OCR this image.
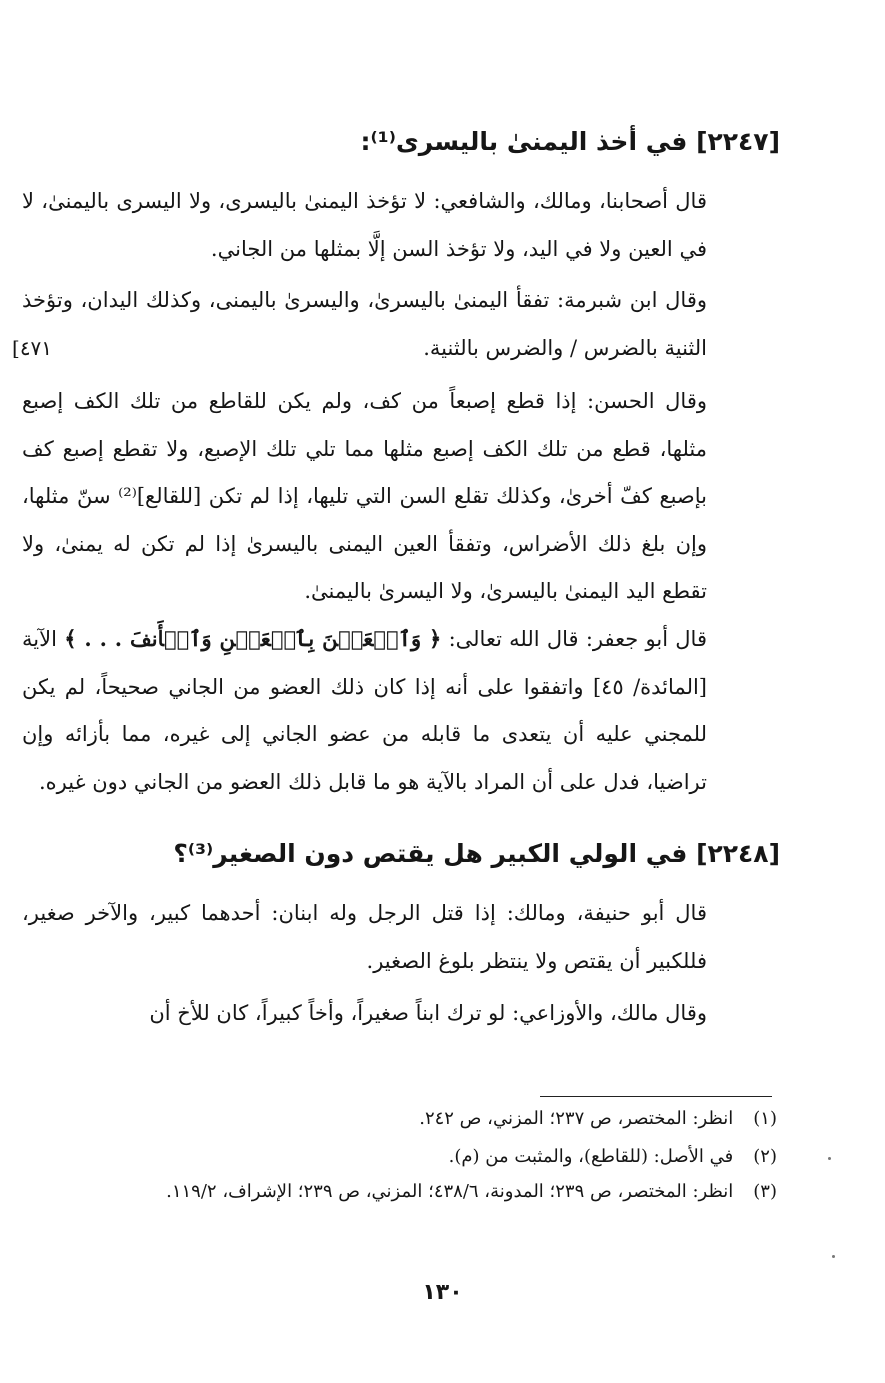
[٢٢٤٧] في أخذ اليمنىٰ باليسرى⁽¹⁾:
قال أصحابنا، ومالك، والشافعي: لا تؤخذ اليمنىٰ باليسرى، ولا اليسرى باليمنىٰ، لا في العين ولا في اليد، ولا تؤخذ السن إلَّا بمثلها من الجاني.
وقال ابن شبرمة: تفقأ اليمنىٰ باليسرىٰ، واليسرىٰ باليمنى، وكذلك اليدان، وتؤخذ الثنية بالضرس / والضرس بالثنية.
[٤٧١
وقال الحسن: إذا قطع إصبعاً من كف، ولم يكن للقاطع من تلك الكف إصبع مثلها، قطع من تلك الكف إصبع مثلها مما تلي تلك الإصبع، ولا تقطع إصبع كف بإصبع كفّ أخرىٰ، وكذلك تقلع السن التي تليها، إذا لم تكن [للقالع]⁽²⁾ سنّ مثلها، وإن بلغ ذلك الأضراس، وتفقأ العين اليمنى باليسرىٰ إذا لم تكن له يمنىٰ، ولا تقطع اليد اليمنىٰ باليسرىٰ، ولا اليسرىٰ باليمنىٰ.
قال أبو جعفر: قال الله تعالى: ﴿ وَٱلۡعَيۡنَ بِٱلۡعَيۡنِ وَٱلۡأَنفَ . . . ﴾ الآية [المائدة/ ٤٥] واتفقوا على أنه إذا كان ذلك العضو من الجاني صحيحاً، لم يكن للمجني عليه أن يتعدى ما قابله من عضو الجاني إلى غيره، مما بأزائه وإن تراضيا، فدل على أن المراد بالآية هو ما قابل ذلك العضو من الجاني دون غيره.
[٢٢٤٨] في الولي الكبير هل يقتص دون الصغير⁽³⁾؟
قال أبو حنيفة، ومالك: إذا قتل الرجل وله ابنان: أحدهما كبير، والآخر صغير، فللكبير أن يقتص ولا ينتظر بلوغ الصغير.
وقال مالك، والأوزاعي: لو ترك ابناً صغيراً، وأخاً كبيراً، كان للأخ أن
(١) انظر: المختصر، ص ٢٣٧؛ المزني، ص ٢٤٢.
(٢) في الأصل: (للقاطع)، والمثبت من (م).
(٣) انظر: المختصر، ص ٢٣٩؛ المدونة، ٤٣٨/٦؛ المزني، ص ٢٣٩؛ الإشراف، ١١٩/٢.
١٣٠
